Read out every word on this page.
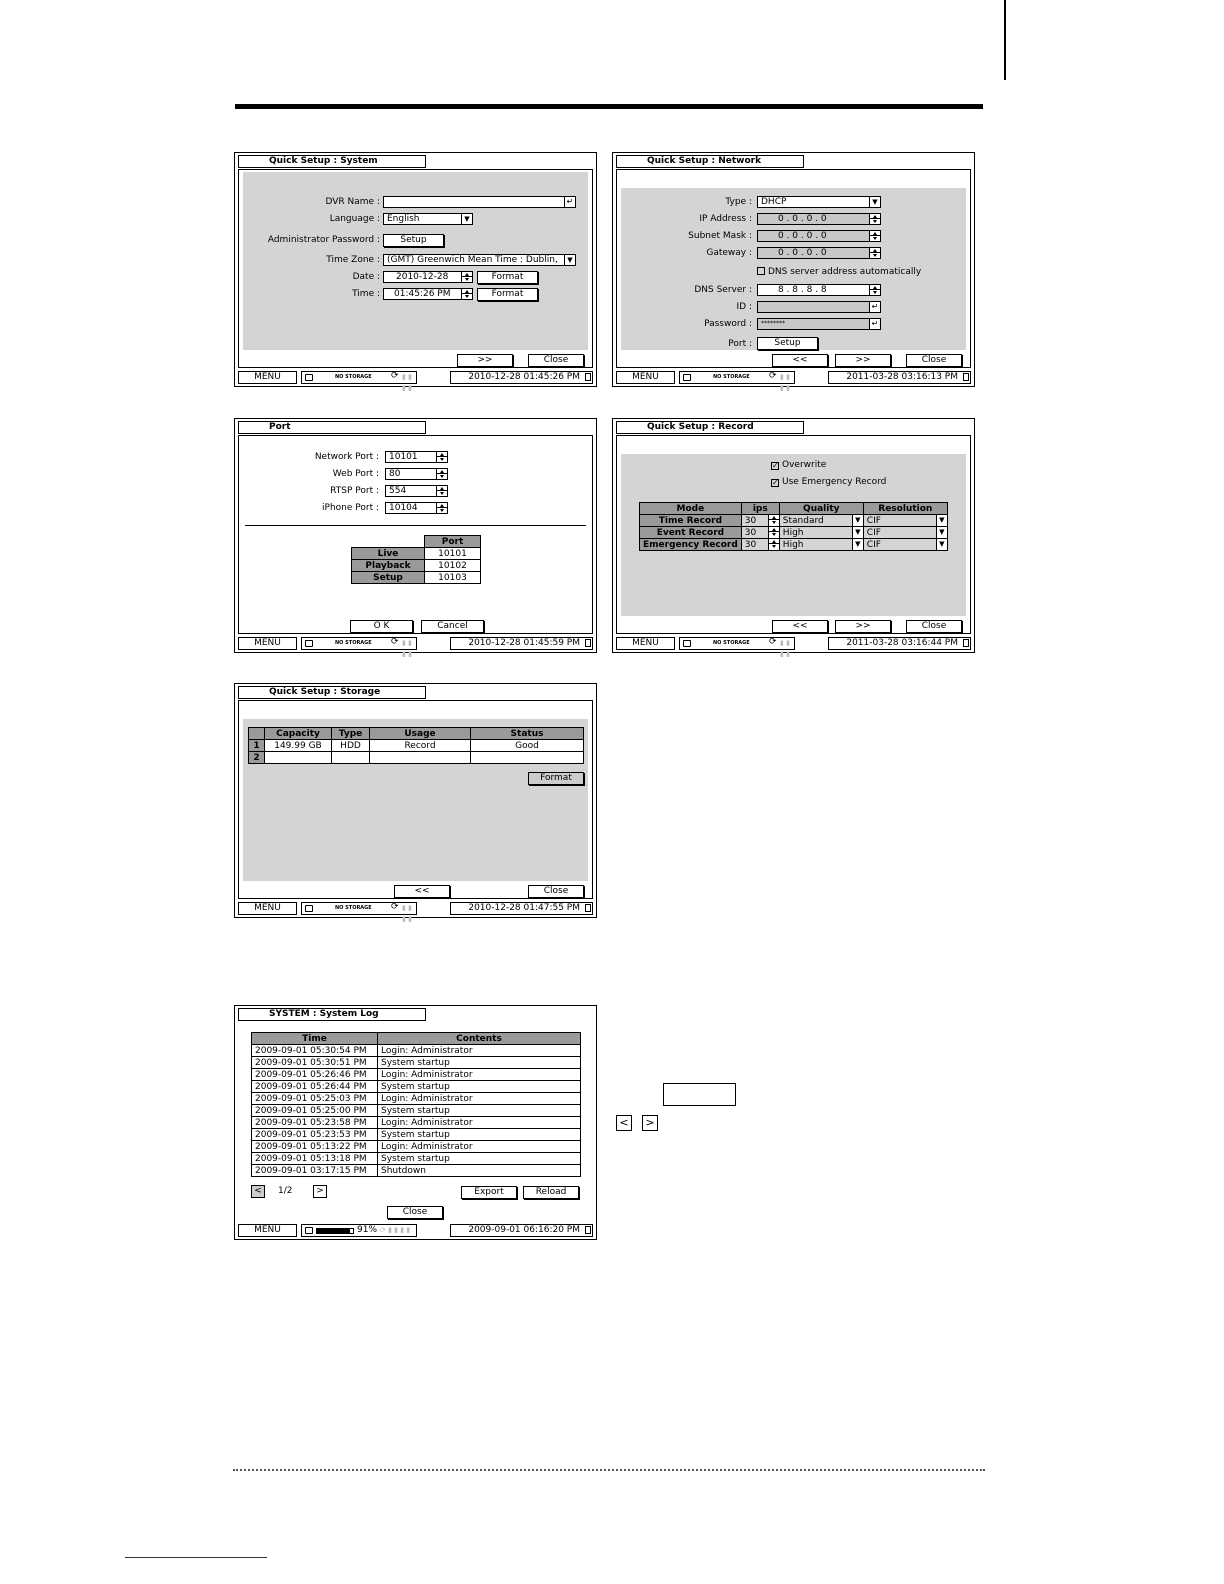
Quick Setup : System
DVR Name :	↵
Language : English	▼
Administrator Password :	Setup
Time Zone : (GMT) Greenwich Mean Time : Dublin,	▼
Date :	2010-12-28	Format
Time :	01:45:26 PM	Format
>>	Close
MENU	NO STORAGE ⟳ ▮ ▮ ▮ ▮
2010-12-28 01:45:26 PM
Quick Setup : Network
Type :	DHCP	▼
IP Address :	0 . 0 . 0 . 0
Subnet Mask :	0 . 0 . 0 . 0
Gateway :	0 . 0 . 0 . 0
DNS server address automatically
DNS Server :	8 . 8 . 8 . 8
ID :	↵
Password :	********	↵
Port :	Setup
<<	>>	Close
MENU	NO STORAGE ⟳ ▮ ▮ ▮ ▮
2011-03-28 03:16:13 PM
Port
Network Port :	10101
Web Port :	80
RTSP Port :	554
iPhone Port :	10104
	Port
Live	10101
Playback	10102
Setup	10103
O K	Cancel
MENU	NO STORAGE ⟳ ▮ ▮ ▮ ▮
2010-12-28 01:45:59 PM
Quick Setup : Record
✓ Overwrite
✓ Use Emergency Record
Mode	ips	Quality	Resolution
Time Record	30	Standard ▼	CIF ▼

Event Record	30	High ▼	CIF ▼

Emergency Record	30	High ▼	CIF ▼
<<	>>	Close
MENU	NO STORAGE ⟳ ▮ ▮ ▮ ▮
2011-03-28 03:16:44 PM
Quick Setup : Storage
	Capacity	Type	Usage	Status
1	149.99 GB	HDD	Record	Good
2				
Format
<<	Close
MENU	NO STORAGE ⟳ ▮ ▮ ▮ ▮
2010-12-28 01:47:55 PM
SYSTEM : System Log
Time	Contents
2009-09-01 05:30:54 PM	Login: Administrator
2009-09-01 05:30:51 PM	System startup
2009-09-01 05:26:46 PM	Login: Administrator
2009-09-01 05:26:44 PM	System startup
2009-09-01 05:25:03 PM	Login: Administrator
2009-09-01 05:25:00 PM	System startup
2009-09-01 05:23:58 PM	Login: Administrator
2009-09-01 05:23:53 PM	System startup
2009-09-01 05:13:22 PM	Login: Administrator
2009-09-01 05:13:18 PM	System startup
2009-09-01 03:17:15 PM	Shutdown
<	1/2	>	Export	Reload
Close
MENU	91% ⟳ ▮ ▮ ▮ ▮	2009-09-01 06:16:20 PM
<	>
